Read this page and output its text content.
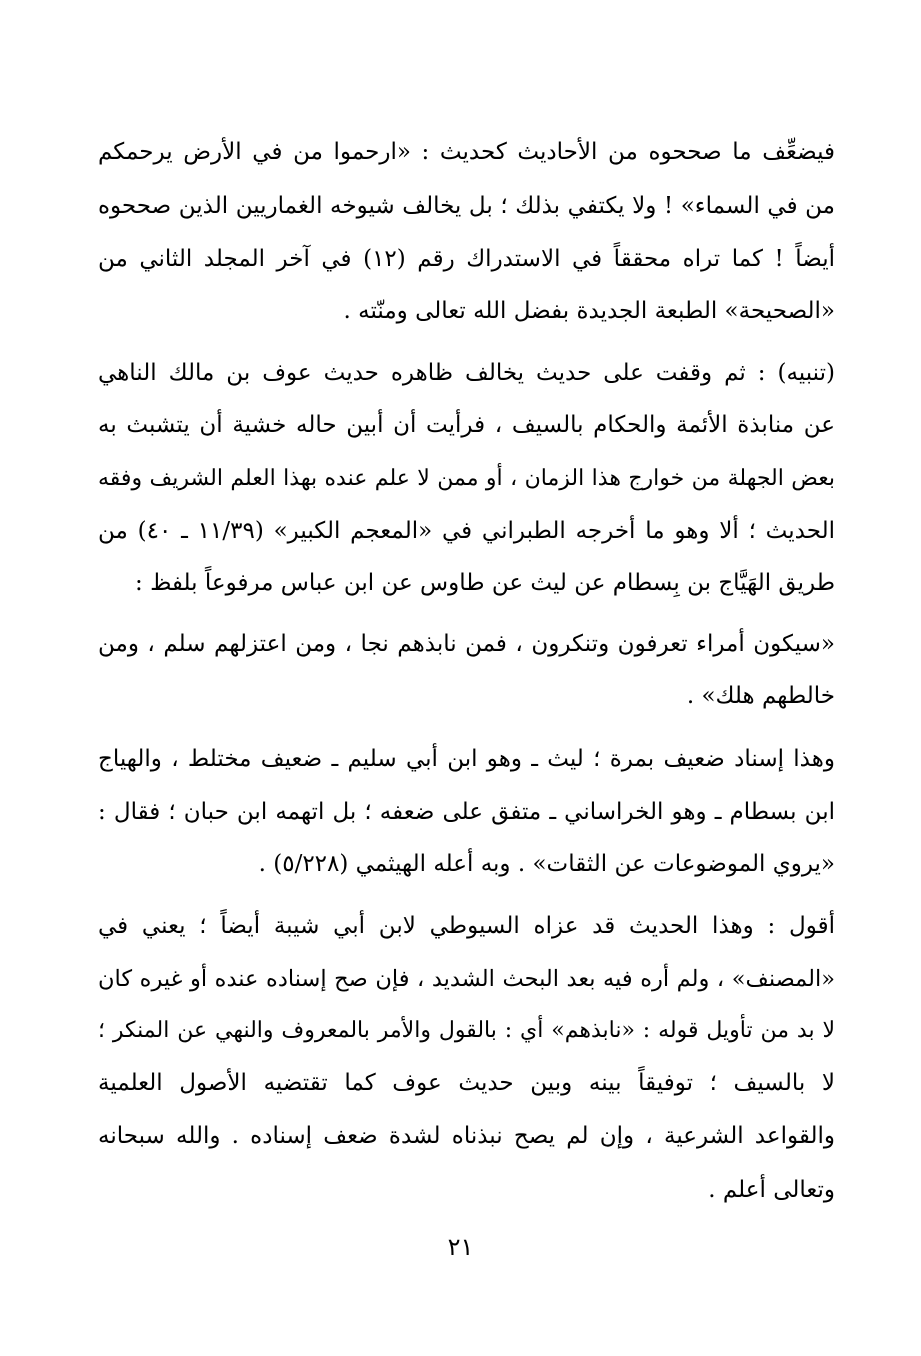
فيضعِّف ما صححوه من الأحاديث كحديث : «ارحموا من في الأرض يرحمكم
من في السماء» ! ولا يكتفي بذلك ؛ بل يخالف شيوخه الغماريين الذين صححوه
أيضاً ! كما تراه محققاً في الاستدراك رقم (١٢) في آخر المجلد الثاني من
«الصحيحة» الطبعة الجديدة بفضل الله تعالى ومنّته .
(تنبيه) : ثم وقفت على حديث يخالف ظاهره حديث عوف بن مالك الناهي
عن منابذة الأئمة والحكام بالسيف ، فرأيت أن أبين حاله خشية أن يتشبث به
بعض الجهلة من خوارج هذا الزمان ، أو ممن لا علم عنده بهذا العلم الشريف وفقه
الحديث ؛ ألا وهو ما أخرجه الطبراني في «المعجم الكبير» (١١/٣٩ ـ ٤٠) من
طريق الهَيَّاج بن بِسطام عن ليث عن طاوس عن ابن عباس مرفوعاً بلفظ :
«سيكون أمراء تعرفون وتنكرون ، فمن نابذهم نجا ، ومن اعتزلهم سلم ، ومن
خالطهم هلك» .
وهذا إسناد ضعيف بمرة ؛ ليث ـ وهو ابن أبي سليم ـ ضعيف مختلط ، والهياج
ابن بسطام ـ وهو الخراساني ـ متفق على ضعفه ؛ بل اتهمه ابن حبان ؛ فقال :
«يروي الموضوعات عن الثقات» . وبه أعله الهيثمي (٥/٢٢٨) .
أقول : وهذا الحديث قد عزاه السيوطي لابن أبي شيبة أيضاً ؛ يعني في
«المصنف» ، ولم أره فيه بعد البحث الشديد ، فإن صح إسناده عنده أو غيره كان
لا بد من تأويل قوله : «نابذهم» أي : بالقول والأمر بالمعروف والنهي عن المنكر ؛
لا بالسيف ؛ توفيقاً بينه وبين حديث عوف كما تقتضيه الأصول العلمية
والقواعد الشرعية ، وإن لم يصح نبذناه لشدة ضعف إسناده . والله سبحانه
وتعالى أعلم .
٢١
